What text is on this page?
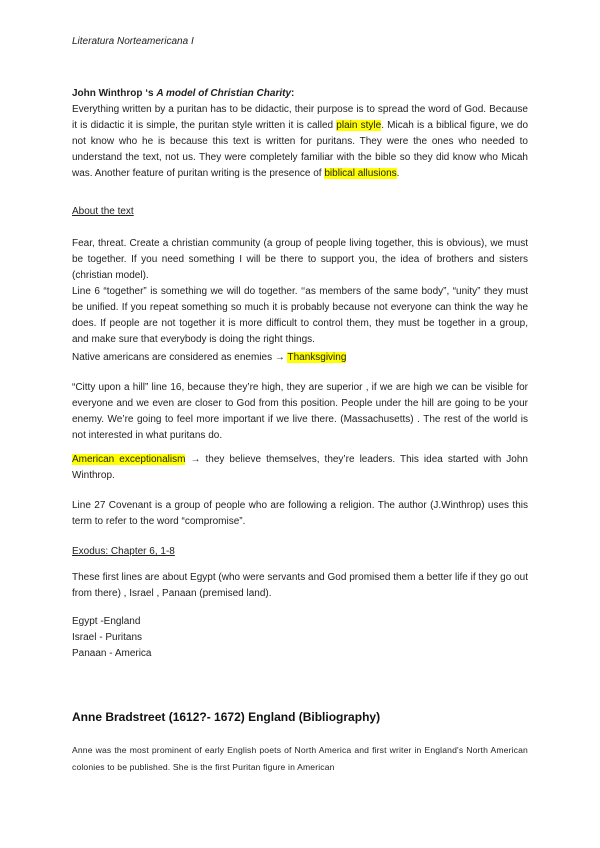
Literatura Norteamericana I
John Winthrop ‘s A model of Christian Charity:
Everything written by a puritan has to be didactic, their purpose is to spread the word of God. Because it is didactic it is simple, the puritan style written it is called plain style. Micah is a biblical figure, we do not know who he is because this text is written for puritans. They were the ones who needed to understand the text, not us. They were completely familiar with the bible so they did know who Micah was. Another feature of puritan writing is the presence of biblical allusions.
About the text
Fear, threat. Create a christian community (a group of people living together, this is obvious), we must be together. If you need something I will be there to support you, the idea of brothers and sisters (christian model).
Line 6 “together” is something we will do together. ‘‘as members of the same body”, “unity” they must be unified. If you repeat something so much it is probably because not everyone can think the way he does. If people are not together it is more difficult to control them, they must be together in a group, and make sure that everybody is doing the right things.
Native americans are considered as enemies → Thanksgiving
“Citty upon a hill” line 16, because they’re high, they are superior , if we are high we can be visible for everyone and we even are closer to God from this position. People under the hill are going to be your enemy. We’re going to feel more important if we live there. (Massachusetts) . The rest of the world is not interested in what puritans do.
American exceptionalism → they believe themselves, they’re leaders. This idea started with John Winthrop.
Line 27 Covenant is a group of people who are following a religion. The author (J.Winthrop) uses this term to refer to the word “compromise”.
Exodus: Chapter 6, 1-8
These first lines are about Egypt (who were servants and God promised them a better life if they go out from there) , Israel , Panaan (premised land).
Egypt -England
Israel - Puritans
Panaan - America
Anne Bradstreet (1612?- 1672) England (Bibliography)
Anne was the most prominent of early English poets of North America and first writer in England's North American colonies to be published. She is the first Puritan figure in American
